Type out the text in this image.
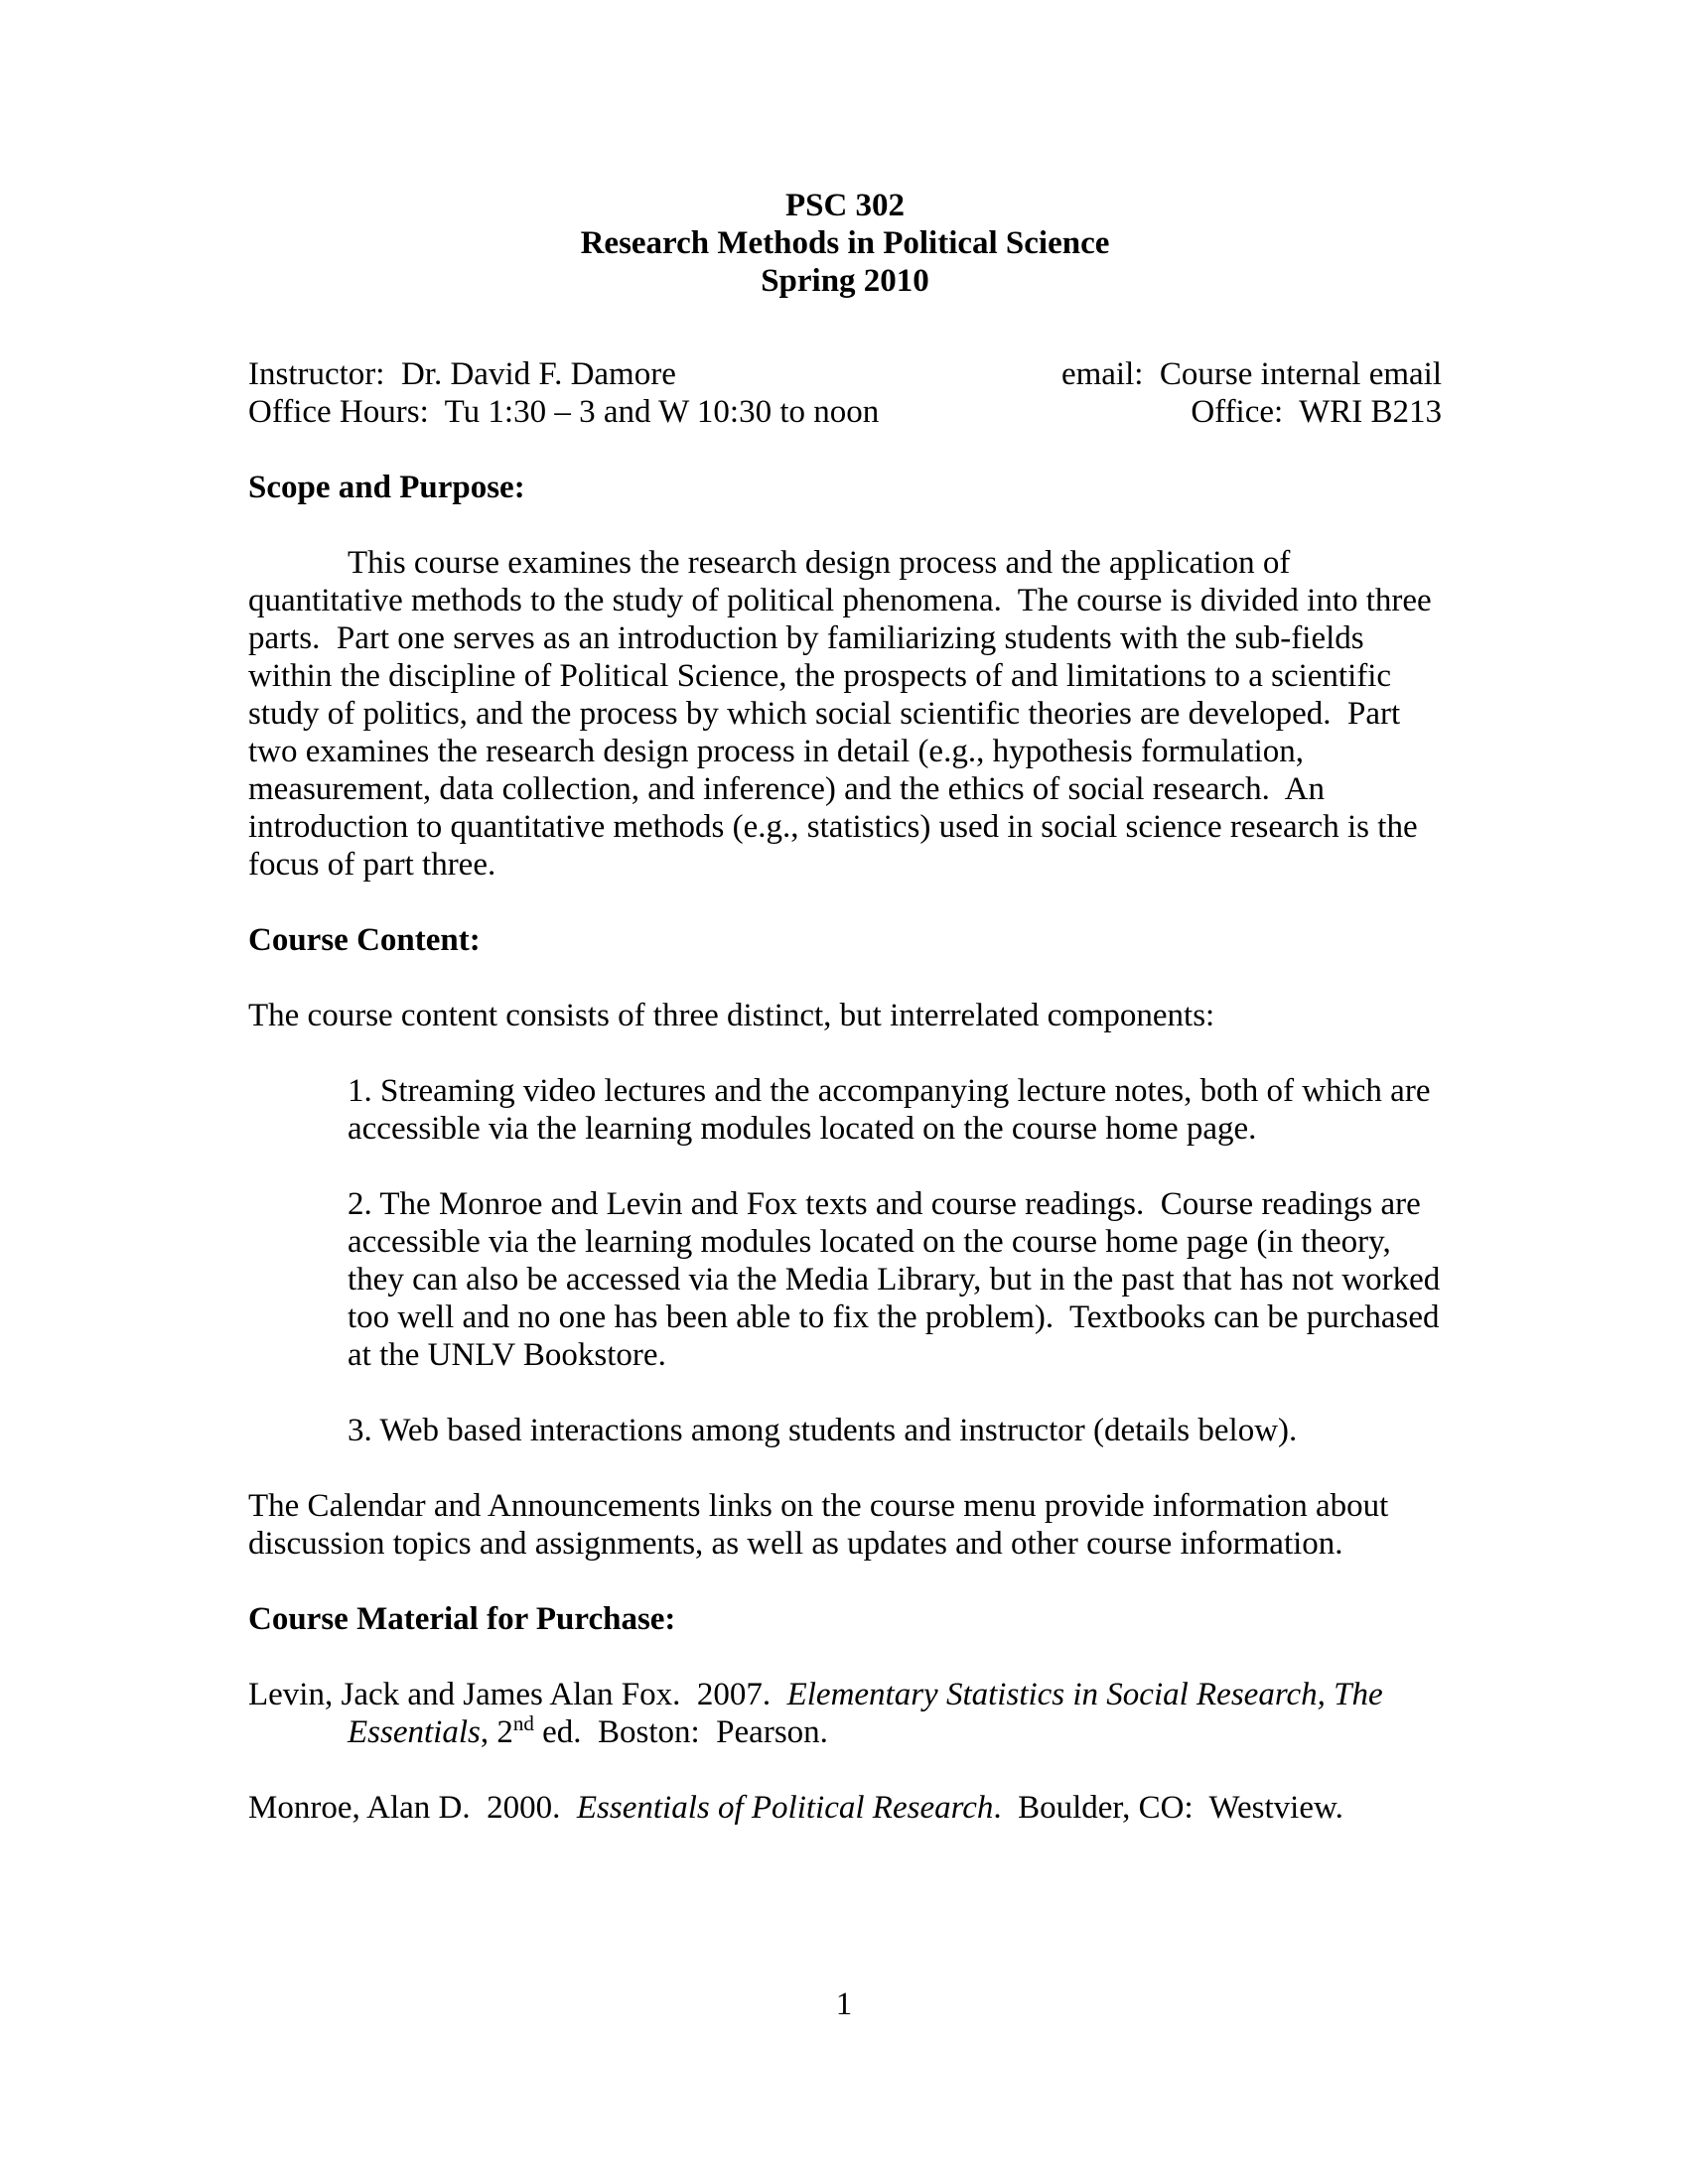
PSC 302
Research Methods in Political Science
Spring 2010
Instructor:  Dr. David F. Damore	email:  Course internal email
Office Hours:  Tu 1:30 – 3 and W 10:30 to noon	Office:  WRI B213
Scope and Purpose:

This course examines the research design process and the application of quantitative methods to the study of political phenomena.  The course is divided into three parts.  Part one serves as an introduction by familiarizing students with the sub-fields within the discipline of Political Science, the prospects of and limitations to a scientific study of politics, and the process by which social scientific theories are developed.  Part two examines the research design process in detail (e.g., hypothesis formulation, measurement, data collection, and inference) and the ethics of social research.  An introduction to quantitative methods (e.g., statistics) used in social science research is the focus of part three.

Course Content:

The course content consists of three distinct, but interrelated components:

1. Streaming video lectures and the accompanying lecture notes, both of which are accessible via the learning modules located on the course home page.

2. The Monroe and Levin and Fox texts and course readings.  Course readings are accessible via the learning modules located on the course home page (in theory, they can also be accessed via the Media Library, but in the past that has not worked too well and no one has been able to fix the problem).  Textbooks can be purchased at the UNLV Bookstore.

3. Web based interactions among students and instructor (details below).

The Calendar and Announcements links on the course menu provide information about discussion topics and assignments, as well as updates and other course information.

Course Material for Purchase:

Levin, Jack and James Alan Fox.  2007.  Elementary Statistics in Social Research, The Essentials, 2nd ed.  Boston:  Pearson.

Monroe, Alan D.  2000.  Essentials of Political Research.  Boulder, CO:  Westview.

1
